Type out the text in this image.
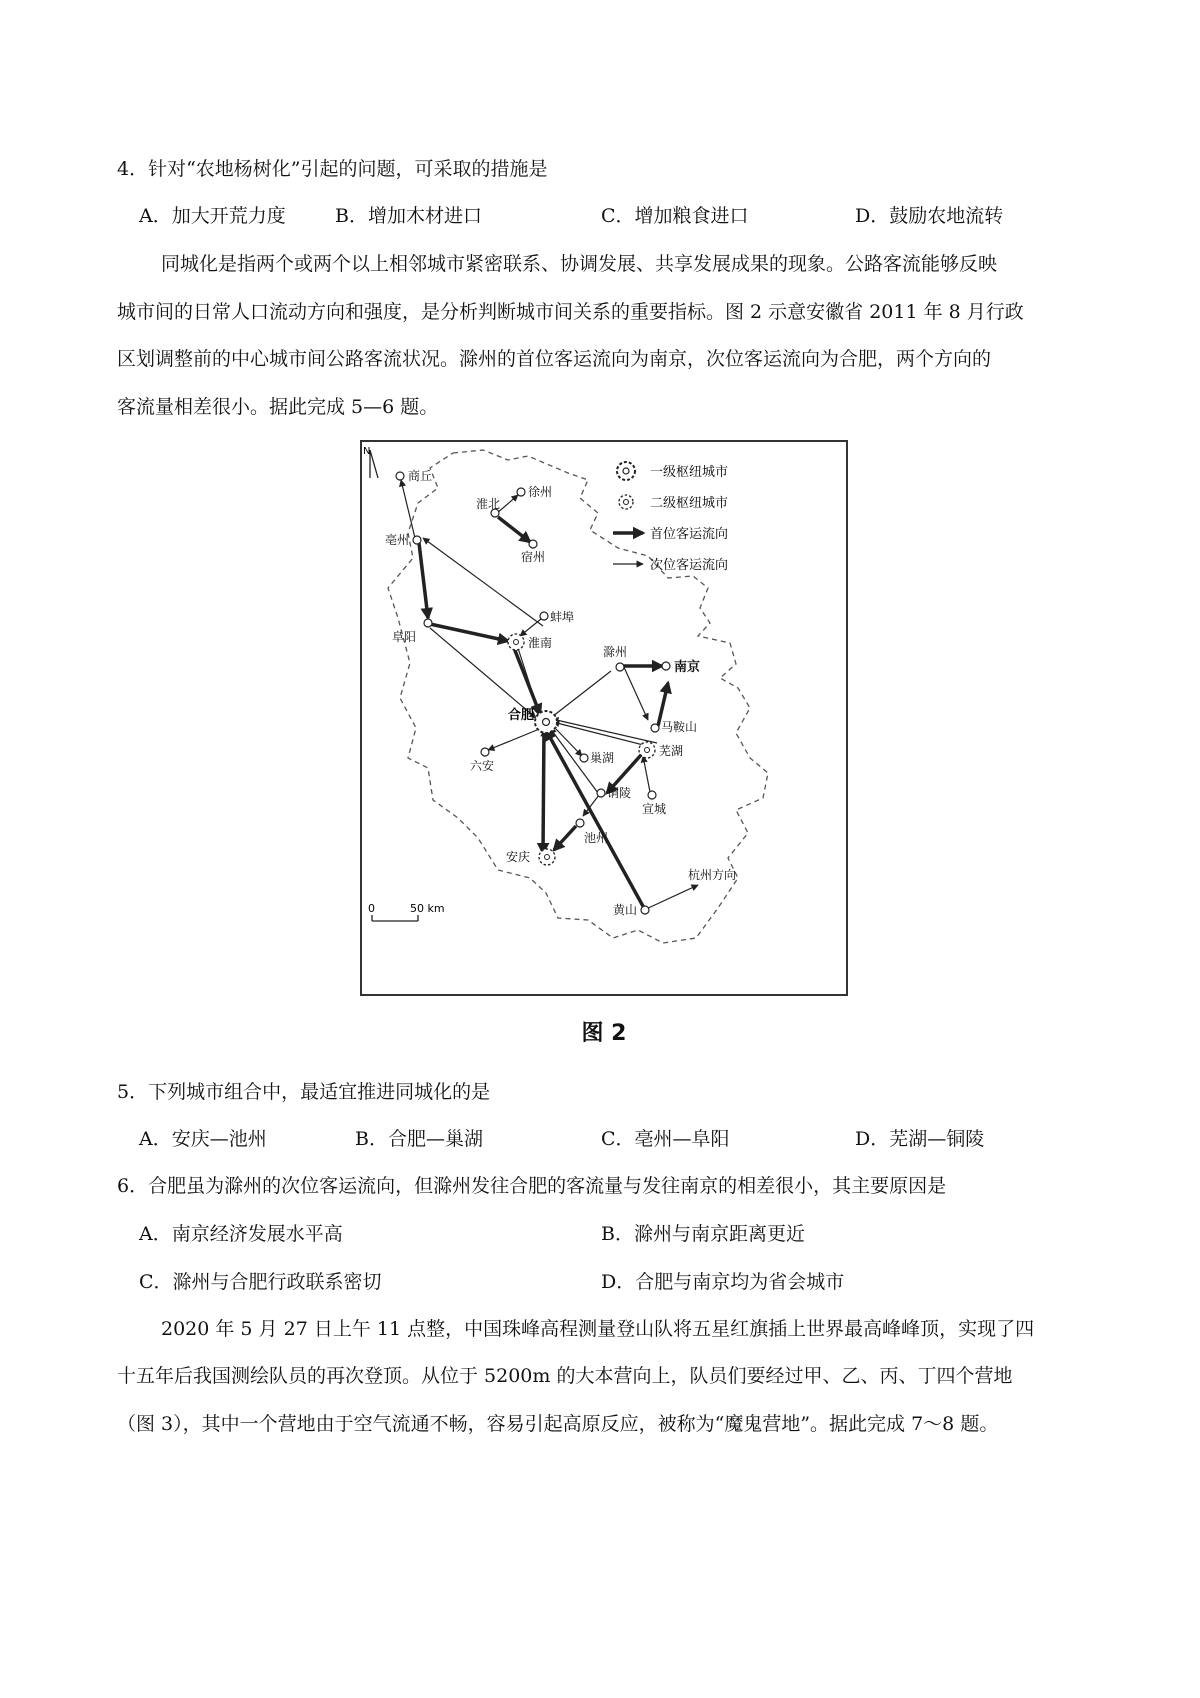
4．针对“农地杨树化”引起的问题，可采取的措施是
A．加大开荒力度	B．增加木材进口	C．增加粮食进口	D．鼓励农地流转
同城化是指两个或两个以上相邻城市紧密联系、协调发展、共享发展成果的现象。公路客流能够反映
城市间的日常人口流动方向和强度，是分析判断城市间关系的重要指标。图 2 示意安徽省 2011 年 8 月行政
区划调整前的中心城市间公路客流状况。滁州的首位客运流向为南京，次位客运流向为合肥，两个方向的
客流量相差很小。据此完成 5—6 题。
N
一级枢纽城市
二级枢纽城市
首位客运流向
次位客运流向
合肥
淮南
芜湖
安庆
商丘
徐州
淮北
宿州
亳州
阜阳
蚌埠
滁州
南京
马鞍山
六安
巢湖
铜陵
宣城
池州
杭州方向
黄山
0	50 km
图 2
5．下列城市组合中，最适宜推进同城化的是
A．安庆—池州	B．合肥—巢湖	C．亳州—阜阳	D．芜湖—铜陵
6．合肥虽为滁州的次位客运流向，但滁州发往合肥的客流量与发往南京的相差很小，其主要原因是
A．南京经济发展水平高	B．滁州与南京距离更近
C．滁州与合肥行政联系密切	D．合肥与南京均为省会城市
2020 年 5 月 27 日上午 11 点整，中国珠峰高程测量登山队将五星红旗插上世界最高峰峰顶，实现了四
十五年后我国测绘队员的再次登顶。从位于 5200m 的大本营向上，队员们要经过甲、乙、丙、丁四个营地
（图 3），其中一个营地由于空气流通不畅，容易引起高原反应，被称为“魔鬼营地”。据此完成 7～8 题。
